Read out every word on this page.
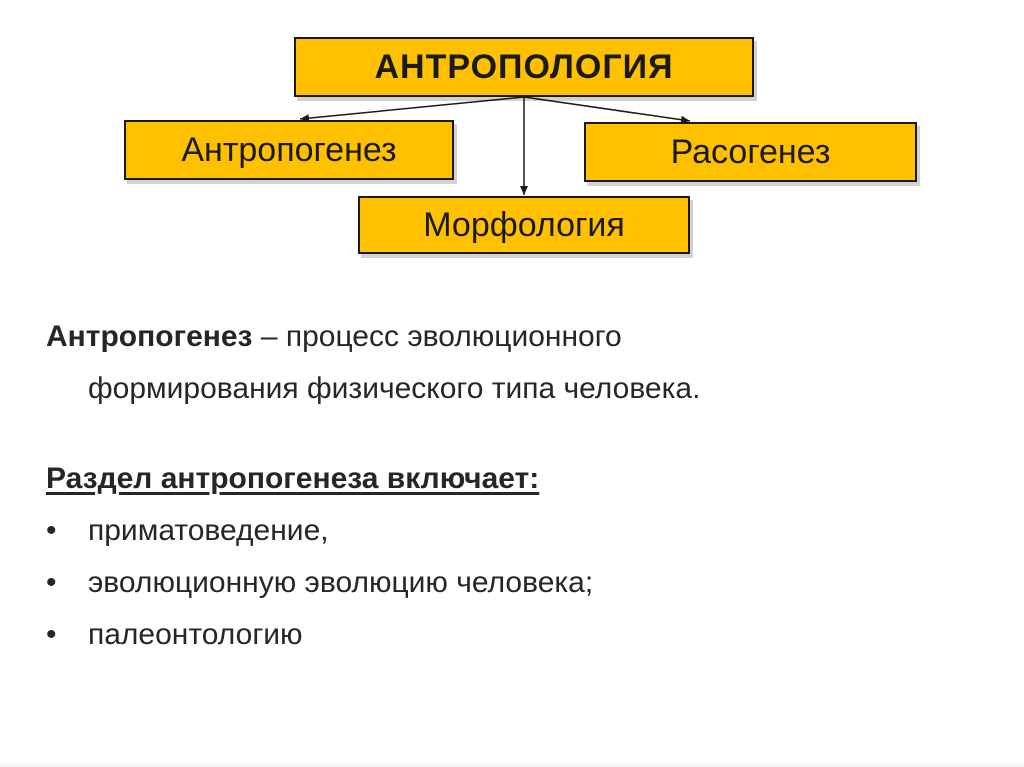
АНТРОПОЛОГИЯ
Антропогенез
Морфология
Расогенез
Антропогенез – процесс эволюционного
формирования физического типа человека.
Раздел антропогенеза включает:
• приматоведение,
• эволюционную эволюцию человека;
• палеонтологию
